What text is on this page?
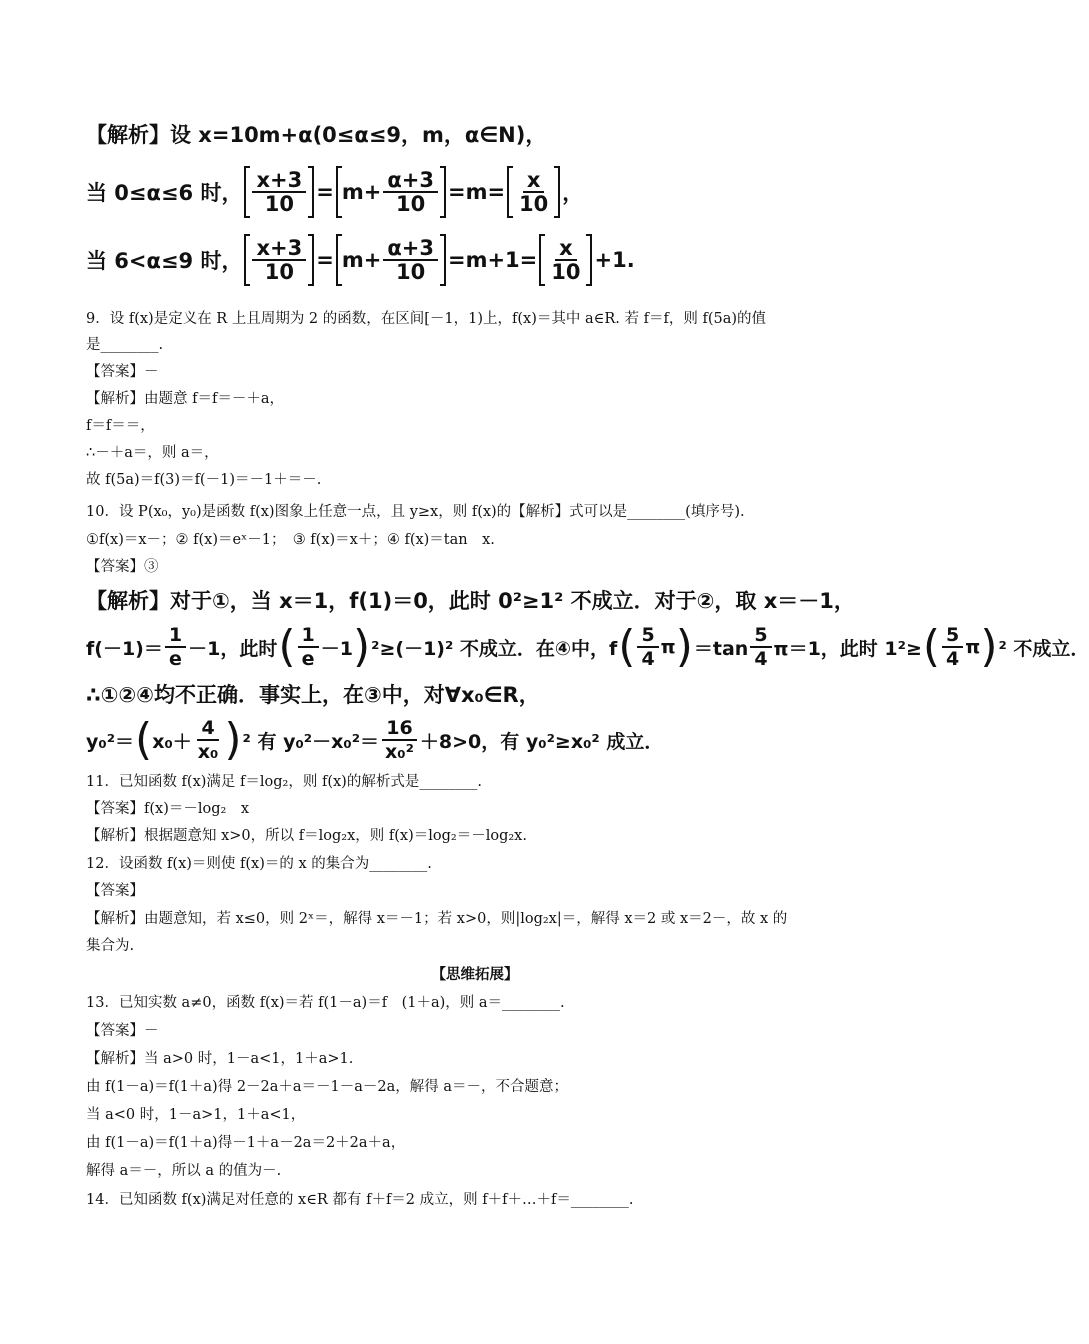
【解析】设 x=10m+α(0≤α≤9，m，α∈N)，
当 0≤α≤6 时， $\frac{x+3}{10} = m+ \frac{\alpha+3}{10} =m= \frac{x}{10}$ ，
当 6<α≤9 时， $\frac{x+3}{10} = m+ \frac{\alpha+3}{10} =m+1= \frac{x}{10} +1$.
9．设 f(x)是定义在 R 上且周期为 2 的函数，在区间[－1，1)上，f(x)＝其中 a∈R. 若 f＝f，则 f(5a)的值
是________.
【答案】－
【解析】由题意 f＝f＝－＋a，
f＝f＝＝，
∴－＋a＝，则 a＝，
故 f(5a)＝f(3)＝f(－1)＝－1＋＝－.
10．设 P(x₀，y₀)是函数 f(x)图象上任意一点，且 y≥x，则 f(x)的【解析】式可以是________(填序号).
①f(x)＝x－；② f(x)＝eˣ－1；　③ f(x)＝x＋；④ f(x)＝tan　x.
【答案】③
【解析】对于①，当 x＝1，f(1)＝0，此时 0²≥1² 不成立．对于②，取 x＝－1，
$f(-1)= \frac{1}{e} -1$，此时 ( $\frac{1}{e} -1$ ) ²≥(－1)² 不成立．在④中，f ( $\frac{5}{4}$ π ) $=\tan \frac{5}{4} \pi=1$，此时 1²≥ ( $\frac{5}{4}$ π ) ² 不成立．
∴①②④均不正确．事实上，在③中，对∀x₀∈R，
y₀²＝ ( $x_0+ \frac{4}{\text{x₀}}$ ) ² 有 $y_0^2-x_0^2= \frac{16}{\text{x₀²}} +8>0$，有 y₀²≥x₀² 成立．
11．已知函数 f(x)满足 f＝log₂，则 f(x)的解析式是________.
【答案】f(x)＝－log₂　x
【解析】根据题意知 x>0，所以 f＝log₂x，则 f(x)＝log₂＝－log₂x.
12．设函数 f(x)＝则使 f(x)＝的 x 的集合为________.
【答案】
【解析】由题意知，若 x≤0，则 2ˣ＝，解得 x＝－1；若 x>0，则|log₂x|＝，解得 x＝2 或 x＝2－，故 x 的
集合为.
【思维拓展】
13．已知实数 a≠0，函数 f(x)＝若 f(1－a)＝f　(1＋a)，则 a＝________.
【答案】－
【解析】当 a>0 时，1－a<1，1＋a>1.
由 f(1－a)＝f(1＋a)得 2－2a＋a＝－1－a－2a，解得 a＝－，不合题意；
当 a<0 时，1－a>1，1＋a<1，
由 f(1－a)＝f(1＋a)得－1＋a－2a＝2＋2a＋a，
解得 a＝－，所以 a 的值为－.
14．已知函数 f(x)满足对任意的 x∈R 都有 f＋f＝2 成立，则 f＋f＋…＋f＝________.
